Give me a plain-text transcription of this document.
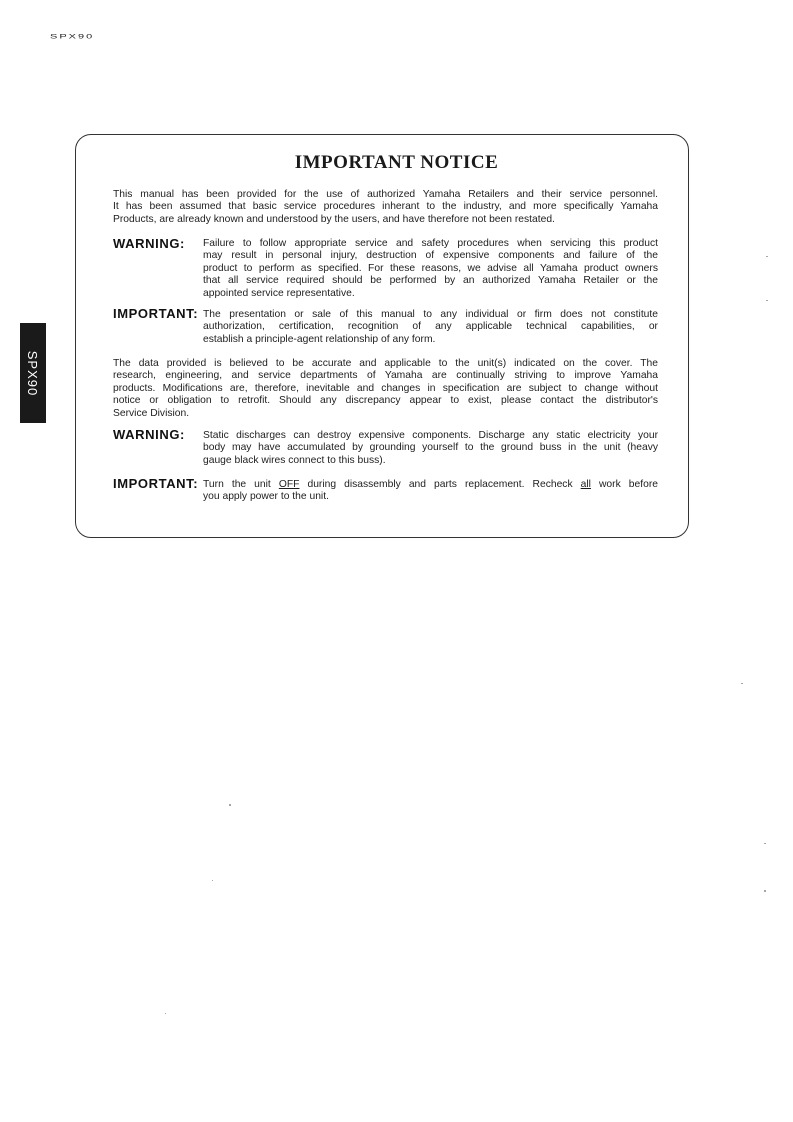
SPX90
SPX90
IMPORTANT NOTICE
This manual has been provided for the use of authorized Yamaha Retailers and their service personnel.
It has been assumed that basic service procedures inherant to the industry, and more specifically Yamaha
Products, are already known and understood by the users, and have therefore not been restated.
WARNING: Failure to follow appropriate service and safety procedures when servicing this product
may result in personal injury, destruction of expensive components and failure of the
product to perform as specified. For these reasons, we advise all Yamaha product owners
that all service required should be performed by an authorized Yamaha Retailer or the
appointed service representative.
IMPORTANT: The presentation or sale of this manual to any individual or firm does not constitute
authorization, certification, recognition of any applicable technical capabilities, or
establish a principle-agent relationship of any form.
The data provided is believed to be accurate and applicable to the unit(s) indicated on the cover. The
research, engineering, and service departments of Yamaha are continually striving to improve Yamaha
products. Modifications are, therefore, inevitable and changes in specification are subject to change without
notice or obligation to retrofit. Should any discrepancy appear to exist, please contact the distributor's
Service Division.
WARNING: Static discharges can destroy expensive components. Discharge any static electricity your
body may have accumulated by grounding yourself to the ground buss in the unit (heavy
gauge black wires connect to this buss).
IMPORTANT: Turn the unit OFF during disassembly and parts replacement. Recheck all work before
you apply power to the unit.
